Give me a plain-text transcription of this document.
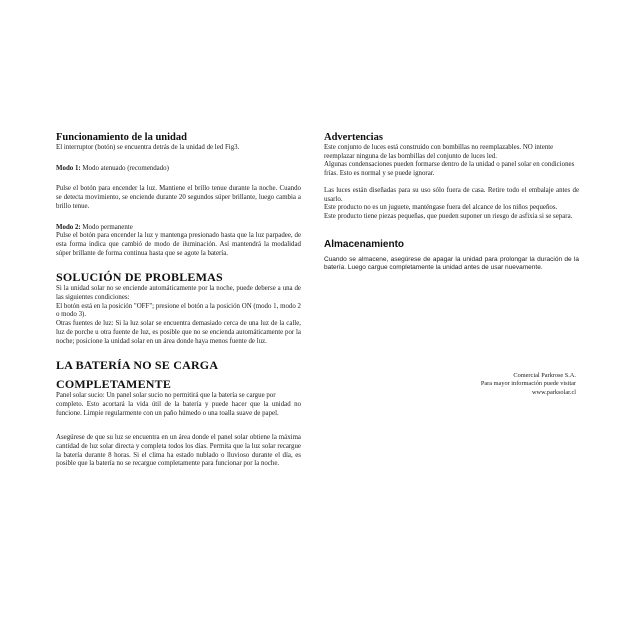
Funcionamiento de la unidad

El interruptor (botón) se encuentra detrás de la unidad de led Fig3.

Modo 1: Modo atenuado (recomendado)

Pulse el botón para encender la luz. Mantiene el brillo tenue durante la noche. Cuando se detecta movimiento, se enciende durante 20 segundos súper brillante, luego cambia a brillo tenue.

Modo 2: Modo permanente

Pulse el botón para encender la luz y mantenga presionado hasta que la luz parpadee, de esta forma indica que cambió de modo de iluminación. Así mantendrá la modalidad súper brillante de forma continua hasta que se agote la batería.

SOLUCIÓN DE PROBLEMAS

Si la unidad solar no se enciende automáticamente por la noche, puede deberse a una de las siguientes condiciones:

El botón está en la posición "OFF"; presione el botón a la posición ON (modo 1, modo 2 o modo 3).

Otras fuentes de luz: Si la luz solar se encuentra demasiado cerca de una luz de la calle, luz de porche u otra fuente de luz, es posible que no se encienda automáticamente por la noche; posicione la unidad solar en un área donde haya menos fuente de luz.

LA BATERÍA NO SE CARGA
COMPLETAMENTE

Panel solar sucio: Un panel solar sucio no permitirá que la batería se cargue por

completo. Esto acortará la vida útil de la batería y puede hacer que la unidad no funcione. Limpie regularmente con un paño húmedo o una toalla suave de papel.

Asegúrese de que su luz se encuentra en un área donde el panel solar obtiene la máxima cantidad de luz solar directa y completa todos los días. Permita que la luz solar recargue la batería durante 8 horas. Si el clima ha estado nublado o lluvioso durante el día, es posible que la batería no se recargue completamente para funcionar por la noche.

Advertencias

Este conjunto de luces está construido con bombillas no reemplazables. NO intente reemplazar ninguna de las bombillas del conjunto de luces led.

Algunas condensaciones pueden formarse dentro de la unidad o panel solar en condiciones frías. Esto es normal y se puede ignorar.

Las luces están diseñadas para su uso sólo fuera de casa. Retire todo el embalaje antes de usarlo.

Este producto no es un juguete, manténgase fuera del alcance de los niños pequeños.

Este producto tiene piezas pequeñas, que pueden suponer un riesgo de asfixia si se separa.

Almacenamiento

Cuando se almacene, asegúrese de apagar la unidad para prolongar la duración de la batería. Luego cargue completamente la unidad antes de usar nuevamente.

Comercial Parkrose S.A.

Para mayor información puede visitar

www.parksolar.cl
